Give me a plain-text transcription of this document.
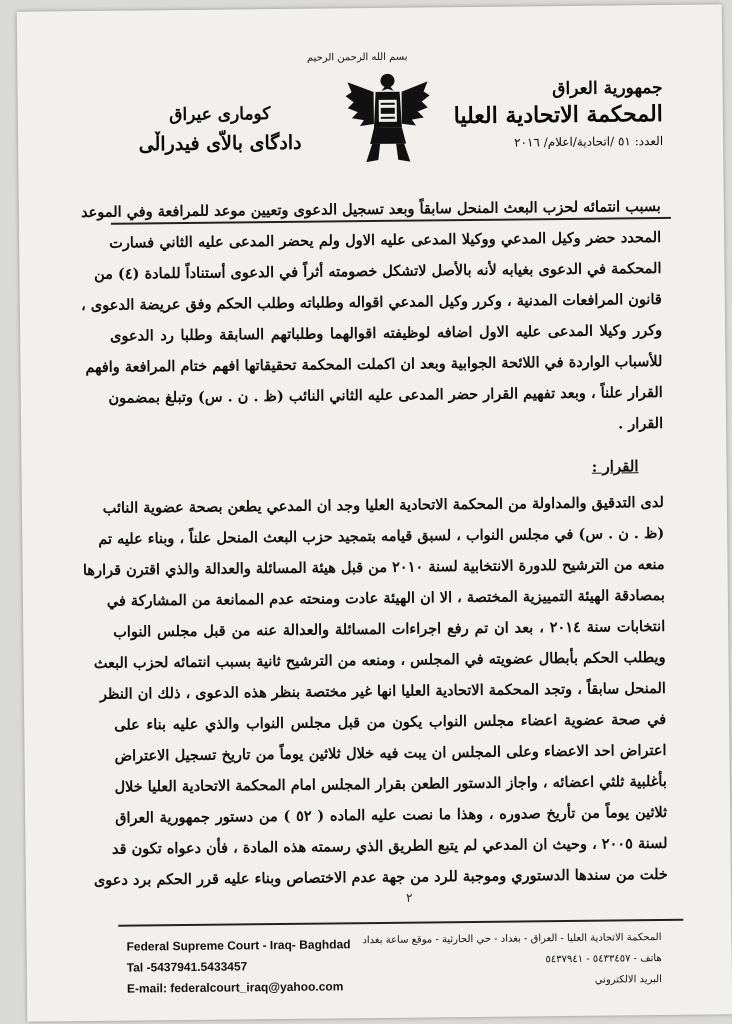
بسم الله الرحمن الرحيم
جمهورية العراق
المحكمة الاتحادية العليا
العدد: ٥١ /اتحادية/اعلام/ ٢٠١٦
كومارى عيراق
دادگاى بالاّى فيدراڵى
بسبب انتمائه لحزب البعث المنحل سابقاً وبعد تسجيل الدعوى وتعيين موعد للمرافعة وفي الموعد
المحدد حضر وكيل المدعي ووكيلا المدعى عليه الاول ولم يحضر المدعى عليه الثاني فسارت
المحكمة في الدعوى بغيابه لأنه بالأصل لاتشكل خصومته أثراً في الدعوى أستناداً للمادة (٤) من
قانون المرافعات المدنية ، وكرر وكيل المدعي اقواله وطلباته وطلب الحكم وفق عريضة الدعوى ،
وكرر وكيلا المدعى عليه الاول اضافه لوظيفته اقوالهما وطلباتهم السابقة وطلبا رد الدعوى
للأسباب الواردة في اللائحة الجوابية وبعد ان اكملت المحكمة تحقيقاتها افهم ختام المرافعة وافهم
القرار علناً ، وبعد تفهيم القرار حضر المدعى عليه الثاني النائب (ظ . ن . س) وتبلغ بمضمون
القرار .
القرار :
لدى التدقيق والمداولة من المحكمة الاتحادية العليا وجد ان المدعي يطعن بصحة عضوية النائب
(ظ . ن . س) في مجلس النواب ، لسبق قيامه بتمجيد حزب البعث المنحل علناً ، وبناء عليه تم
منعه من الترشيح للدورة الانتخابية لسنة ٢٠١٠ من قبل هيئة المسائلة والعدالة والذي اقترن قرارها
بمصادقة الهيئة التمييزية المختصة ، الا ان الهيئة عادت ومنحته عدم الممانعة من المشاركة في
انتخابات سنة ٢٠١٤ ، بعد ان تم رفع اجراءات المسائلة والعدالة عنه من قبل مجلس النواب
ويطلب الحكم بأبطال عضويته في المجلس ، ومنعه من الترشيح ثانية بسبب انتمائه لحزب البعث
المنحل سابقاً ، وتجد المحكمة الاتحادية العليا انها غير مختصة بنظر هذه الدعوى ، ذلك ان النظر
في صحة عضوية اعضاء مجلس النواب يكون من قبل مجلس النواب والذي عليه بناء على
اعتراض احد الاعضاء وعلى المجلس ان يبت فيه خلال ثلاثين يوماً من تاريخ تسجيل الاعتراض
بأغلبية ثلثي اعضائه ، واجاز الدستور الطعن بقرار المجلس امام المحكمة الاتحادية العليا خلال
ثلاثين يوماً من تأريخ صدوره ، وهذا ما نصت عليه الماده ( ٥٢ ) من دستور جمهورية العراق
لسنة ٢٠٠٥ ، وحيث ان المدعي لم يتبع الطريق الذي رسمته هذه المادة ، فأن دعواه تكون قد
خلت من سندها الدستوري وموجبة للرد من جهة عدم الاختصاص وبناء عليه قرر الحكم برد دعوى
٢
Federal Supreme Court - Iraq- Baghdad
Tal -5437941.5433457
E-mail: federalcourt_iraq@yahoo.com
المحكمة الاتحادية العليا - العراق - بغداد - حي الحارثية - موقع ساعة بغداد
هاتف - ٥٤٣٣٤٥٧ - ٥٤٣٧٩٤١
البريد الالكتروني
